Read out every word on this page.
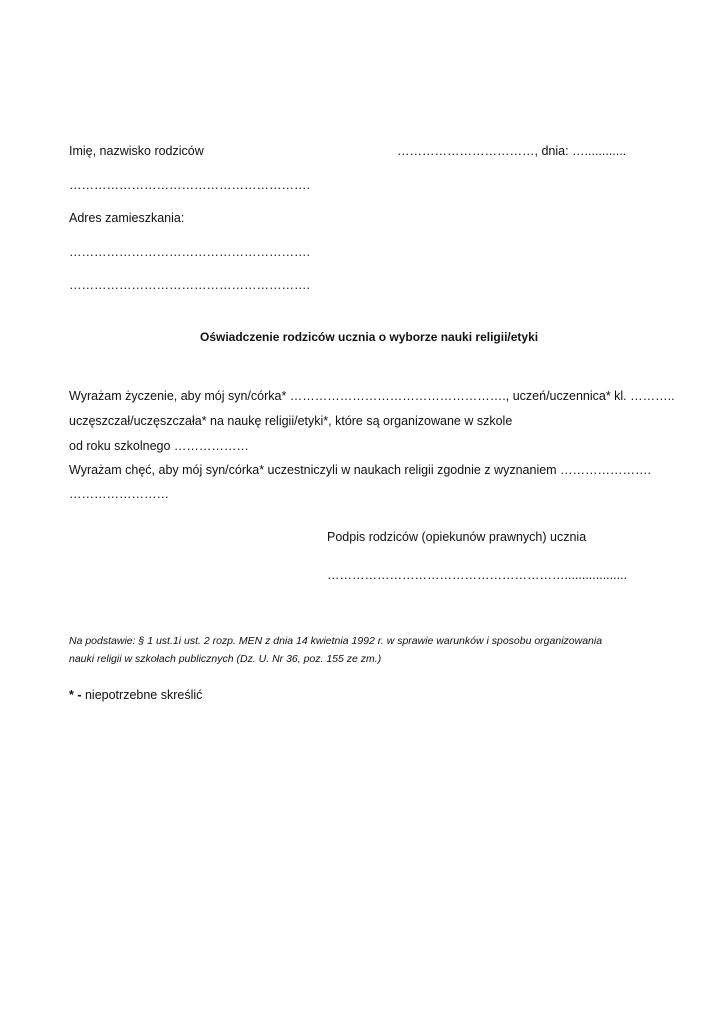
Imię, nazwisko rodziców	……………………………, dnia: …............
………………………………………………….
Adres zamieszkania:
………………………………………………….
………………………………………………….
Oświadczenie rodziców ucznia o wyborze nauki religii/etyki
Wyrażam życzenie, aby mój syn/córka* ……………………………………………., uczeń/uczennica* kl. ………..
uczęszczał/uczęszczała* na naukę religii/etyki*, które są organizowane w szkole
od roku szkolnego ………………
Wyrażam chęć, aby mój syn/córka* uczestniczyli w naukach religii zgodnie z wyznaniem ………………….
……………………
Podpis rodziców (opiekunów prawnych) ucznia
…………………………………………………..................
Na podstawie: § 1 ust.1i ust. 2 rozp. MEN z dnia 14 kwietnia 1992 r. w sprawie warunków i sposobu organizowania
nauki religii w szkołach publicznych (Dz. U. Nr 36, poz. 155 ze zm.)
* - niepotrzebne skreślić
